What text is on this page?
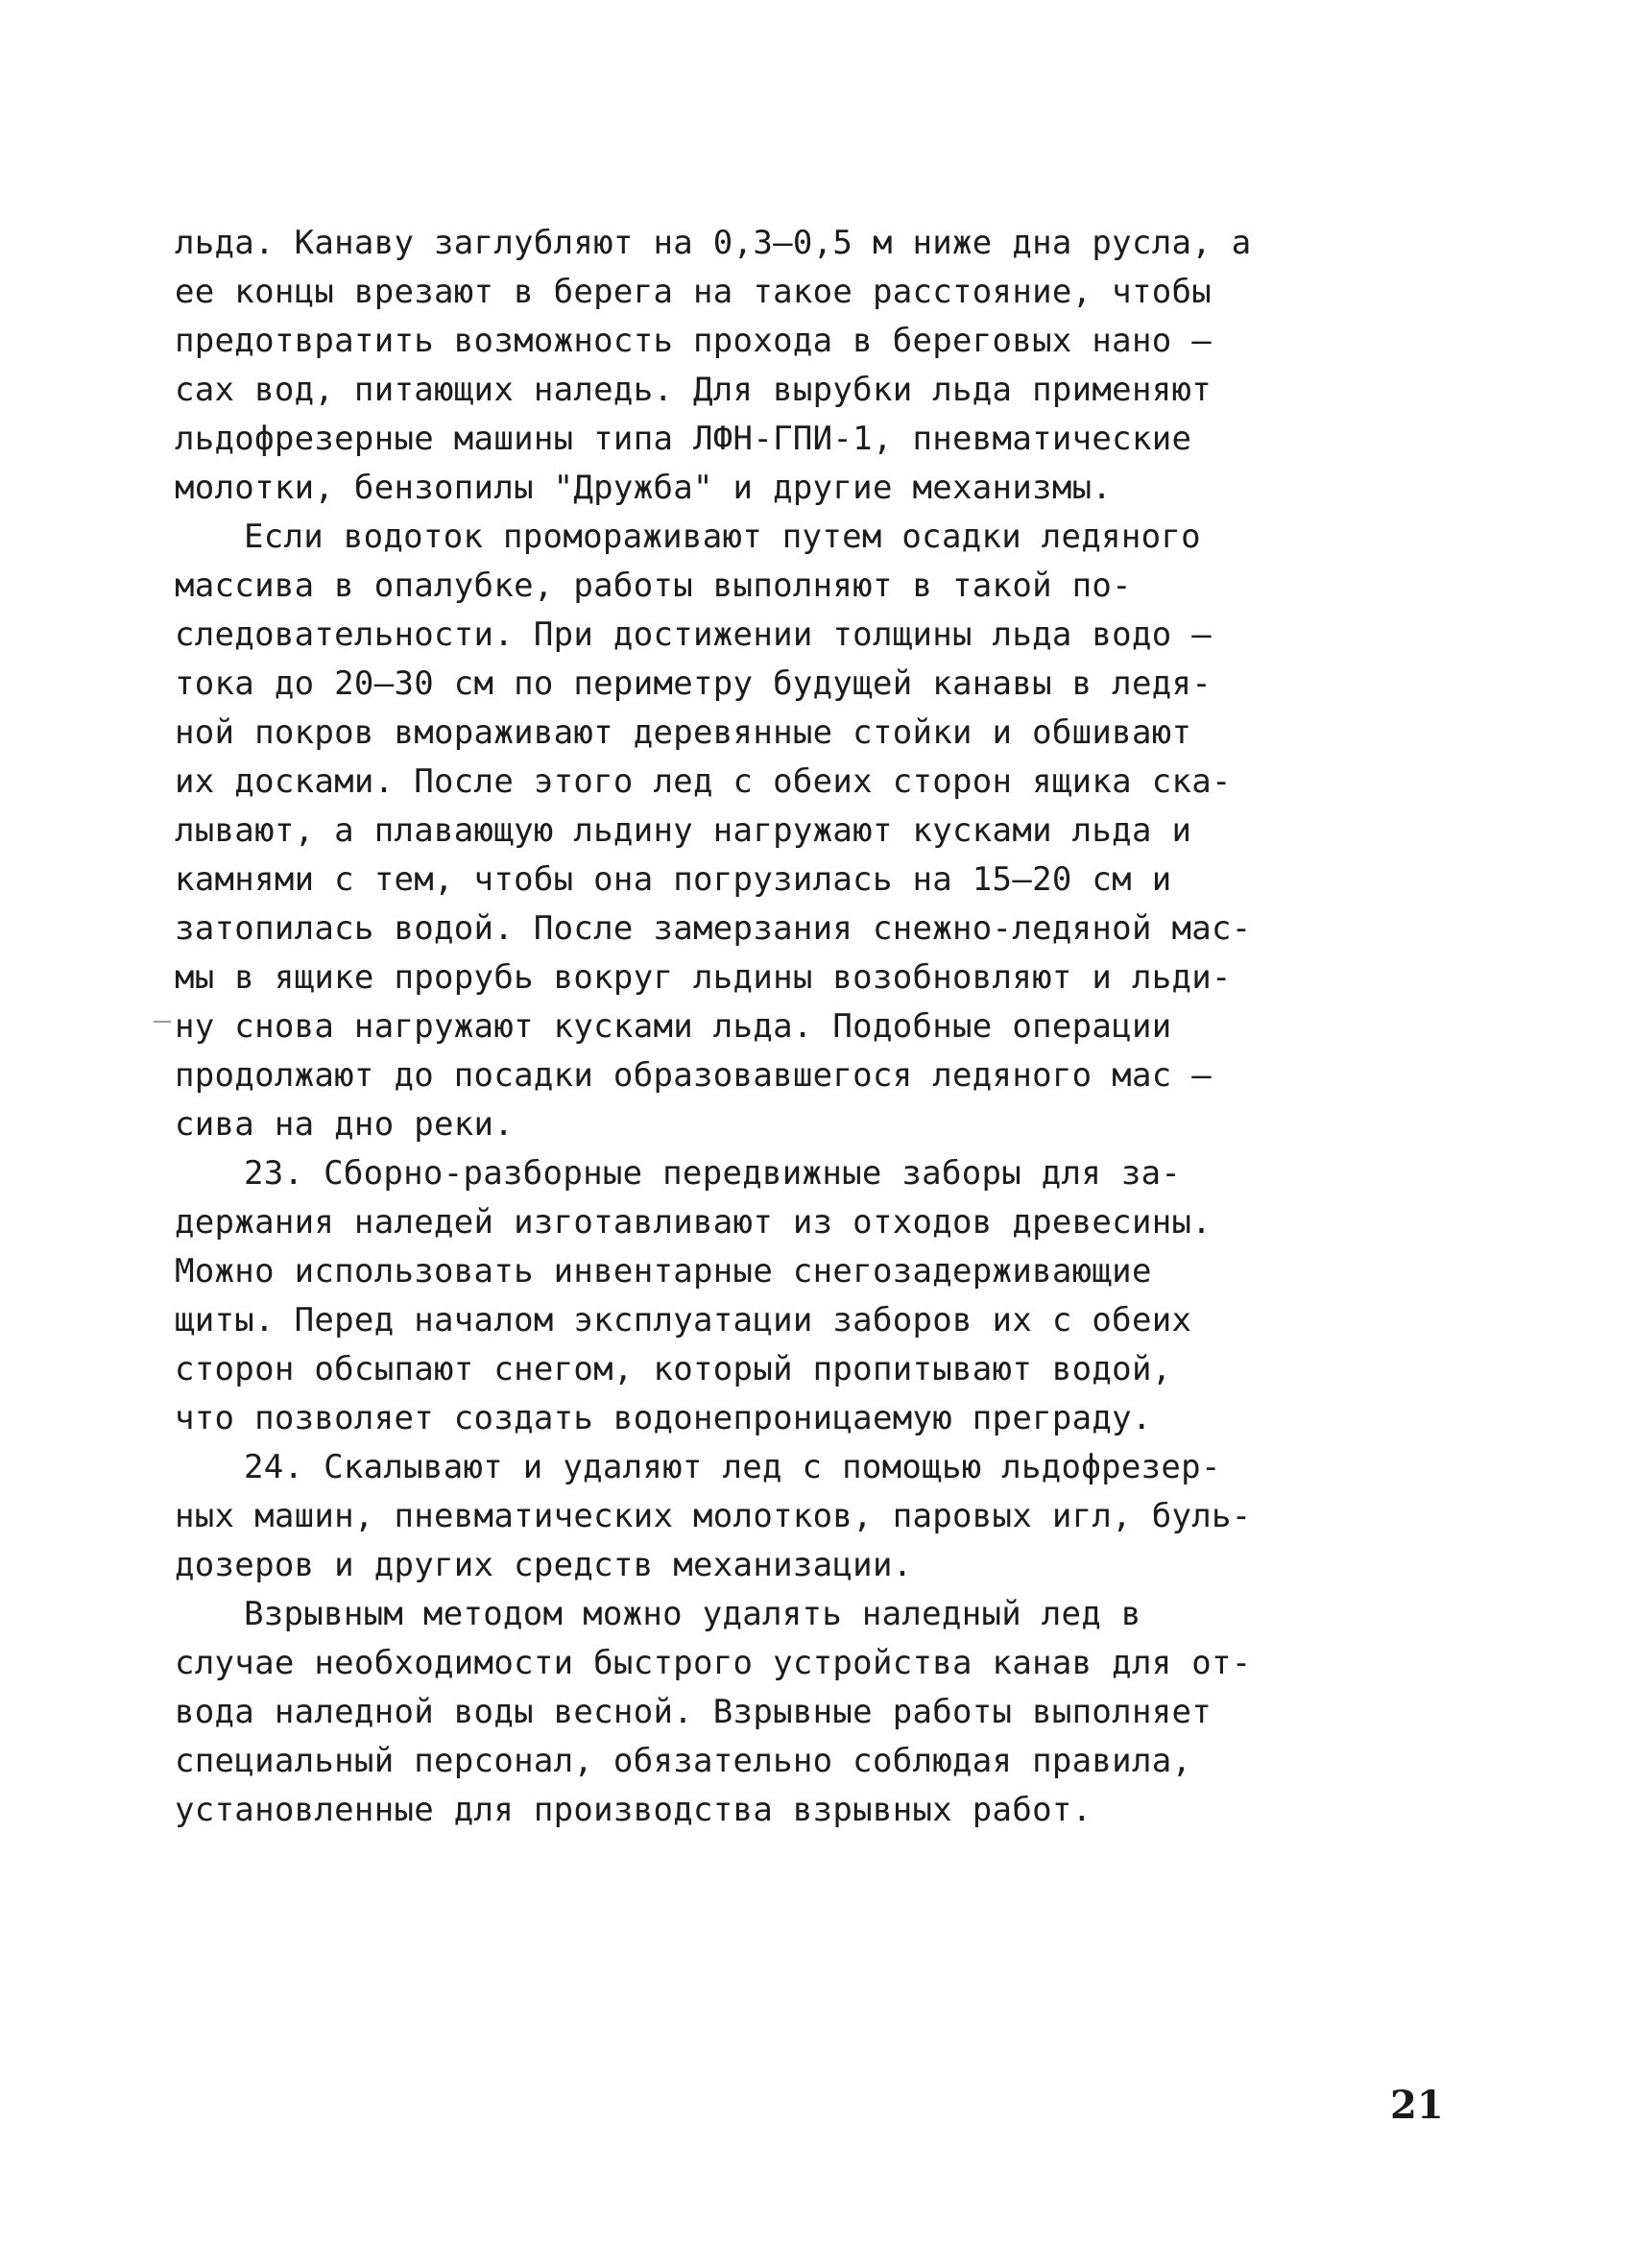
льда. Канаву заглубляют на 0,3–0,5 м ниже дна русла, а
ее концы врезают в берега на такое расстояние, чтобы
предотвратить возможность прохода в береговых нано –
сах вод, питающих наледь. Для вырубки льда применяют
льдофрезерные машины типа ЛФН-ГПИ-1, пневматические
молотки, бензопилы "Дружба" и другие механизмы.
Если водоток промораживают путем осадки ледяного
массива в опалубке, работы выполняют в такой по-
следовательности. При достижении толщины льда водо –
тока до 20–30 см по периметру будущей канавы в ледя-
ной покров вмораживают деревянные стойки и обшивают
их досками. После этого лед с обеих сторон ящика ска-
лывают, а плавающую льдину нагружают кусками льда и
камнями с тем, чтобы она погрузилась на 15–20 см и
затопилась водой. После замерзания снежно-ледяной мас-
мы в ящике прорубь вокруг льдины возобновляют и льди-
ну снова нагружают кусками льда. Подобные операции
продолжают до посадки образовавшегося ледяного мас –
сива на дно реки.
23. Сборно-разборные передвижные заборы для за-
держания наледей изготавливают из отходов древесины.
Можно использовать инвентарные снегозадерживающие
щиты. Перед началом эксплуатации заборов их с обеих
сторон обсыпают снегом, который пропитывают водой,
что позволяет создать водонепроницаемую преграду.
24. Скалывают и удаляют лед с помощью льдофрезер-
ных машин, пневматических молотков, паровых игл, буль-
дозеров и других средств механизации.
Взрывным методом можно удалять наледный лед в
случае необходимости быстрого устройства канав для от-
вода наледной воды весной. Взрывные работы выполняет
специальный персонал, обязательно соблюдая правила,
установленные для производства взрывных работ.
21
